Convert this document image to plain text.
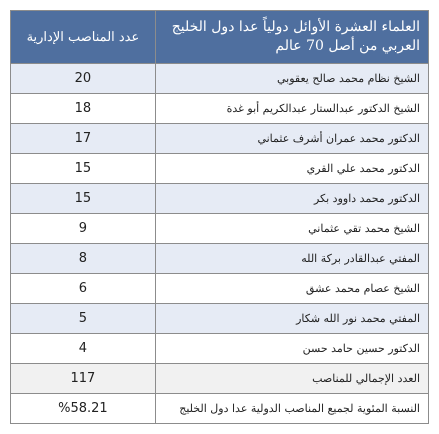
العلماء العشرة الأوائل دولياً عدا دول الخليج العربي من أصل 70 عالم	عدد المناصب الإدارية
الشيخ نظام محمد صالح يعقوبي	20
الشيخ الدكتور عبدالستار عبدالكريم أبو غدة	18
الدكتور محمد عمران أشرف عثماني	17
الدكتور محمد علي القري	15
الدكتور محمد داوود بكر	15
الشيخ محمد تقي عثماني	9
المفتي عبدالقادر بركة الله	8
الشيخ عصام محمد عشق	6
المفتي محمد نور الله شكار	5
الدكتور حسين حامد حسن	4
العدد الإجمالي للمناصب	117
النسبة المئوية لجميع المناصب الدولية عدا دول الخليج	%58.21
